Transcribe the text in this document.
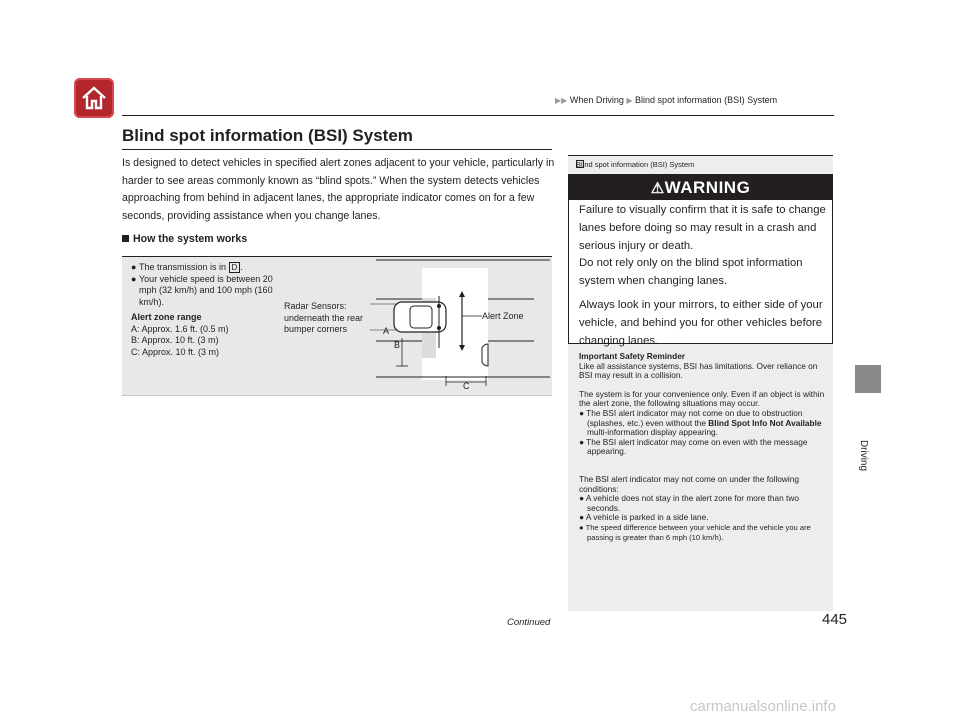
▶▶ When Driving ▶ Blind spot information (BSI) System
Driving
Blind spot information (BSI) System
Is designed to detect vehicles in specified alert zones adjacent to your vehicle, particularly in harder to see areas commonly known as “blind spots.” When the system detects vehicles approaching from behind in adjacent lanes, the appropriate indicator comes on for a few seconds, providing assistance when you change lanes.
How the system works
● The transmission is in D .
● Your vehicle speed is between 20 mph (32 km/h) and 100 mph (160 km/h).
Alert zone range
A: Approx. 1.6 ft. (0.5 m)
B: Approx. 10 ft. (3 m)
C: Approx. 10 ft. (3 m)
Radar Sensors: underneath the rear bumper corners
Alert Zone
A
B
C
Blind spot information (BSI) System
⚠WARNING

Failure to visually confirm that it is safe to change lanes before doing so may result in a crash and serious injury or death.

Do not rely only on the blind spot information system when changing lanes.

Always look in your mirrors, to either side of your vehicle, and behind you for other vehicles before changing lanes.

Important Safety Reminder
Like all assistance systems, BSI has limitations. Over reliance on BSI may result in a collision.

The system is for your convenience only. Even if an object is within the alert zone, the following situations may occur.
● The BSI alert indicator may not come on due to obstruction (splashes, etc.) even without the Blind Spot Info Not Available multi-information display appearing.
● The BSI alert indicator may come on even with the message appearing.
The BSI alert indicator may not come on under the following conditions:
● A vehicle does not stay in the alert zone for more than two seconds.
● A vehicle is parked in a side lane.
● The speed difference between your vehicle and the vehicle you are passing is greater than 6 mph (10 km/h).
Continued	445
carmanualsonline.info
